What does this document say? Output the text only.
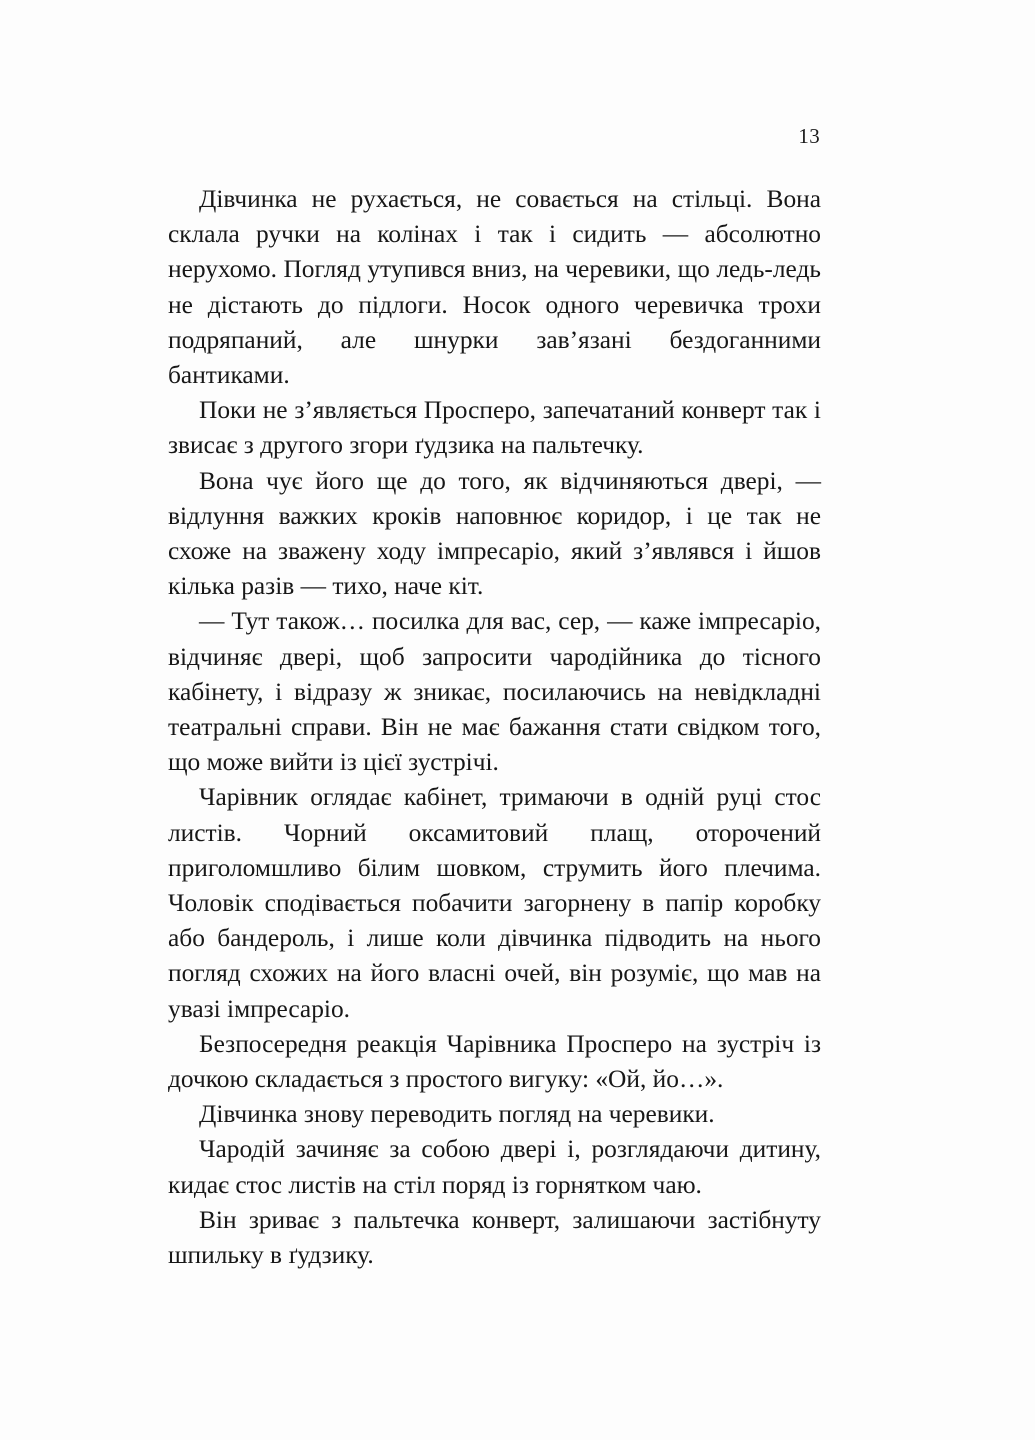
13

Дівчинка не рухається, не совається на стільці. Вона склала ручки на колінах і так і сидить — абсолютно нерухомо. Погляд утупився вниз, на черевики, що ледь-ледь не дістають до підлоги. Носок одного черевичка трохи подряпаний, але шнурки зав’язані бездоганними бантиками.

Поки не з’являється Просперо, запечатаний конверт так і звисає з другого згори ґудзика на пальтечку.

Вона чує його ще до того, як відчиняються двері, — відлуння важких кроків наповнює коридор, і це так не схоже на зважену ходу імпресаріо, який з’являвся і йшов кілька разів — тихо, наче кіт.

— Тут також… посилка для вас, сер, — каже імпресаріо, відчиняє двері, щоб запросити чародійника до тісного кабінету, і відразу ж зникає, посилаючись на невідкладні театральні справи. Він не має бажання стати свідком того, що може вийти із цієї зустрічі.

Чарівник оглядає кабінет, тримаючи в одній руці стос листів. Чорний оксамитовий плащ, оторочений приголомшливо білим шовком, струмить його плечима. Чоловік сподівається побачити загорнену в папір коробку або бандероль, і лише коли дівчинка підводить на нього погляд схожих на його власні очей, він розуміє, що мав на увазі імпресаріо.

Безпосередня реакція Чарівника Просперо на зустріч із дочкою складається з простого вигуку: «Ой, йо…».

Дівчинка знову переводить погляд на черевики.

Чародій зачиняє за собою двері і, розглядаючи дитину, кидає стос листів на стіл поряд із горнятком чаю.

Він зриває з пальтечка конверт, залишаючи застібнуту шпильку в ґудзику.
